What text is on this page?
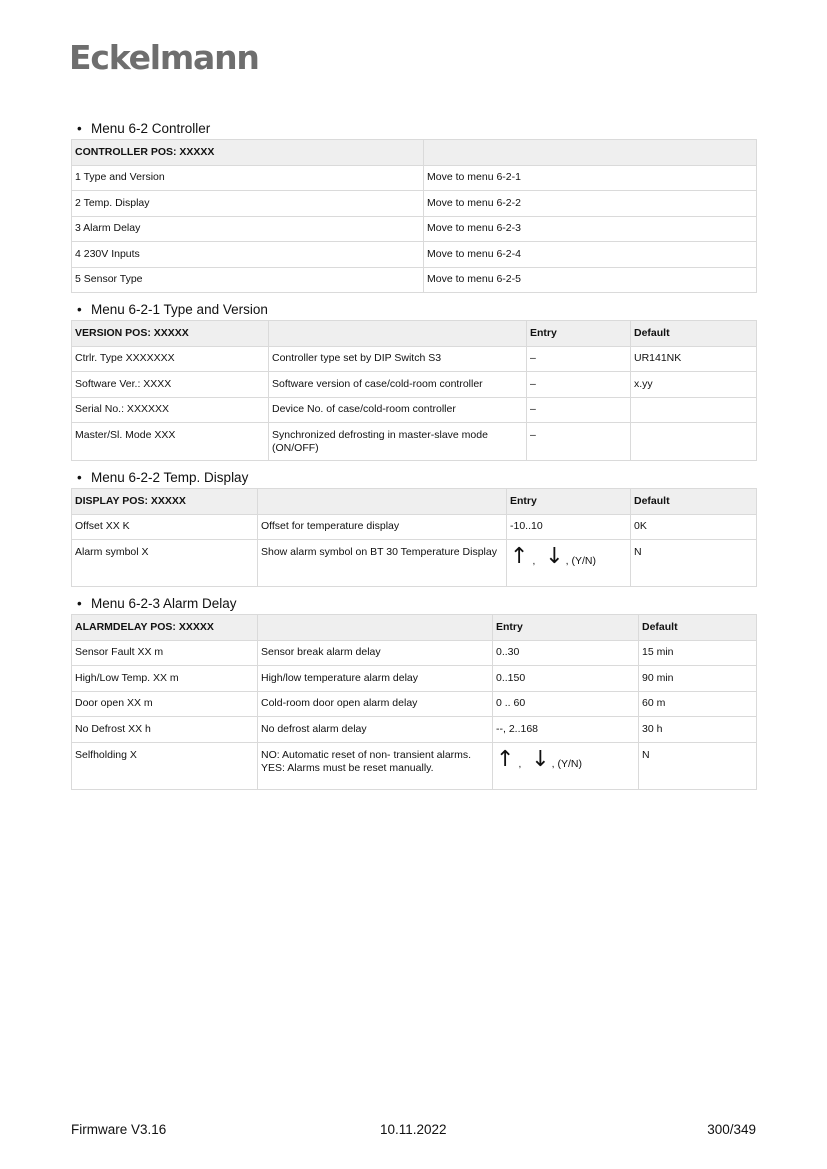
Eckelmann
• Menu 6-2 Controller
CONTROLLER POS: XXXXX	
1 Type and Version	Move to menu 6-2-1
2 Temp. Display	Move to menu 6-2-2
3 Alarm Delay	Move to menu 6-2-3
4 230V Inputs	Move to menu 6-2-4
5 Sensor Type	Move to menu 6-2-5
• Menu 6-2-1 Type and Version
VERSION POS: XXXXX		Entry	Default
Ctrlr. Type XXXXXXX	Controller type set by DIP Switch S3	–	UR141NK
Software Ver.: XXXX	Software version of case/cold-room controller	–	x.yy
Serial No.: XXXXXX	Device No. of case/cold-room controller	–	
Master/Sl. Mode XXX	Synchronized defrosting in master-slave mode (ON/OFF)	–	
• Menu 6-2-2 Temp. Display
DISPLAY POS: XXXXX		Entry	Default
Offset XX K	Offset for temperature display	-10..10	0K
Alarm symbol X	Show alarm symbol on BT 30 Temperature Display	↑ , ↓ , (Y/N)	N
• Menu 6-2-3 Alarm Delay
ALARMDELAY POS: XXXXX		Entry	Default
Sensor Fault XX m	Sensor break alarm delay	0..30	15 min
High/Low Temp. XX m	High/low temperature alarm delay	0..150	90 min
Door open XX m	Cold-room door open alarm delay	0 .. 60	60 m
No Defrost XX h	No defrost alarm delay	--, 2..168	30 h
Selfholding X	NO: Automatic reset of non- transient alarms.
YES: Alarms must be reset manually.	↑ , ↓ , (Y/N)	N
Firmware V3.16	10.11.2022	300/349
